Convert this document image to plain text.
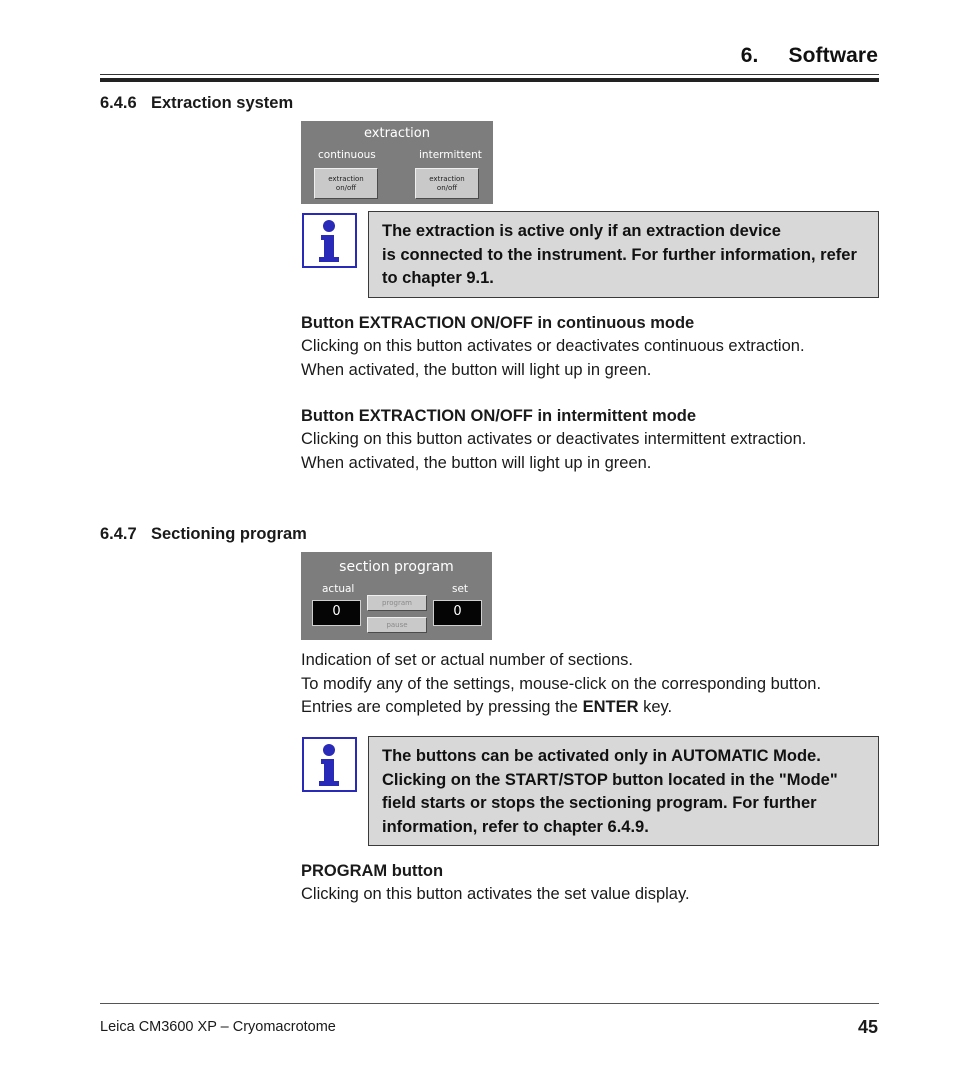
6. Software
6.4.6 Extraction system
extraction
continuous	intermittent
extraction
on/off
extraction
on/off
The extraction is active only if an extraction device
is connected to the instrument. For further information, refer
to chapter 9.1.
Button EXTRACTION ON/OFF in continuous mode
Clicking on this button activates or deactivates continuous extraction.
When activated, the button will light up in green.
Button EXTRACTION ON/OFF in intermittent mode
Clicking on this button activates or deactivates intermittent extraction.
When activated, the button will light up in green.
6.4.7 Sectioning program
section program
actual	set
0
program
pause
0
Indication of set or actual number of sections.
To modify any of the settings, mouse-click on the corresponding button.
Entries are completed by pressing the ENTER key.
The buttons can be activated only in AUTOMATIC Mode.
Clicking on the START/STOP button located in the "Mode"
field starts or stops the sectioning program. For further
information, refer to chapter 6.4.9.
PROGRAM button
Clicking on this button activates the set value display.
Leica CM3600 XP – Cryomacrotome	45
